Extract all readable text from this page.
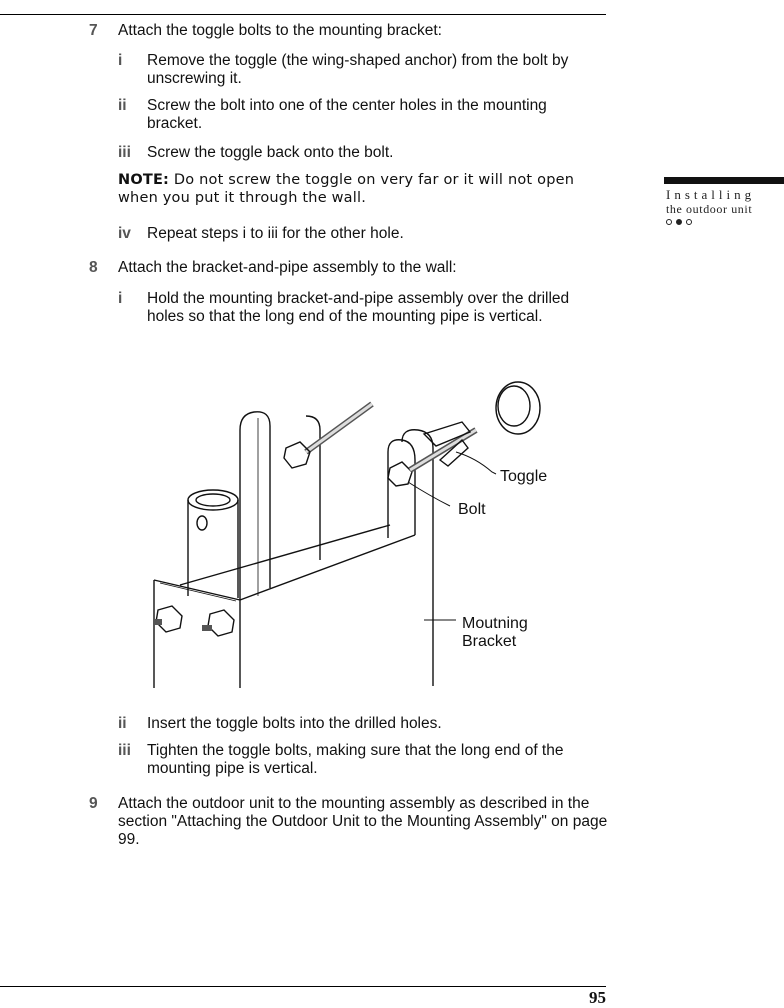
Installing
the outdoor unit
7 Attach the toggle bolts to the mounting bracket:
i Remove the toggle (the wing-shaped anchor) from the bolt by unscrewing it.
ii Screw the bolt into one of the center holes in the mounting bracket.
iii Screw the toggle back onto the bolt.
NOTE: Do not screw the toggle on very far or it will not open when you put it through the wall.
iv Repeat steps i to iii for the other hole.
8 Attach the bracket-and-pipe assembly to the wall:
i Hold the mounting bracket-and-pipe assembly over the drilled holes so that the long end of the mounting pipe is vertical.
Toggle
Bolt
Moutning
Bracket
ii Insert the toggle bolts into the drilled holes.
iii Tighten the toggle bolts, making sure that the long end of the mounting pipe is vertical.
9 Attach the outdoor unit to the mounting assembly as described in the section "Attaching the Outdoor Unit to the Mounting Assembly" on page 99.
95
